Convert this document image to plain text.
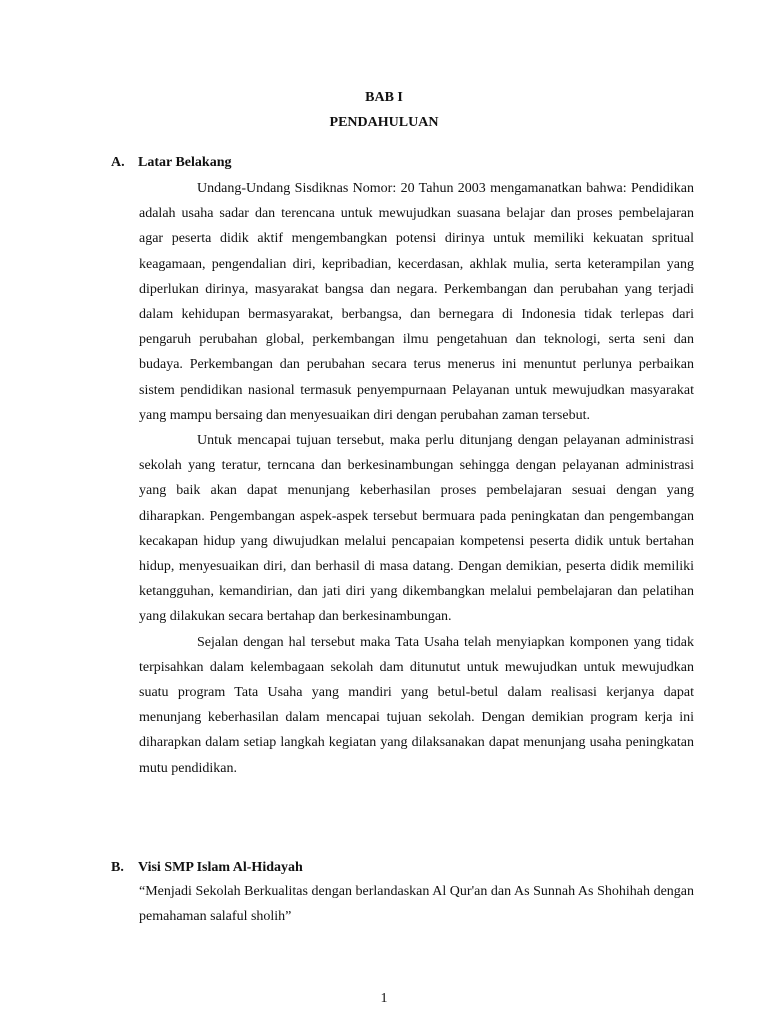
BAB I
PENDAHULUAN
A. Latar Belakang

Undang-Undang Sisdiknas Nomor: 20 Tahun 2003 mengamanatkan bahwa: Pendidikan adalah usaha sadar dan terencana untuk mewujudkan suasana belajar dan proses pembelajaran agar peserta didik aktif mengembangkan potensi dirinya untuk memiliki kekuatan spritual keagamaan, pengendalian diri, kepribadian, kecerdasan, akhlak mulia, serta keterampilan yang diperlukan dirinya, masyarakat bangsa dan negara. Perkembangan dan perubahan yang terjadi dalam kehidupan bermasyarakat, berbangsa, dan bernegara di Indonesia tidak terlepas dari pengaruh perubahan global, perkembangan ilmu pengetahuan dan teknologi, serta seni dan budaya. Perkembangan dan perubahan secara terus menerus ini menuntut perlunya perbaikan sistem pendidikan nasional termasuk penyempurnaan Pelayanan untuk mewujudkan masyarakat yang mampu bersaing dan menyesuaikan diri dengan perubahan zaman tersebut.

Untuk mencapai tujuan tersebut, maka perlu ditunjang dengan pelayanan administrasi sekolah yang teratur, terncana dan berkesinambungan sehingga dengan pelayanan administrasi yang baik akan dapat menunjang keberhasilan proses pembelajaran sesuai dengan yang diharapkan. Pengembangan aspek-aspek tersebut bermuara pada peningkatan dan pengembangan kecakapan hidup yang diwujudkan melalui pencapaian kompetensi peserta didik untuk bertahan hidup, menyesuaikan diri, dan berhasil di masa datang. Dengan demikian, peserta didik memiliki ketangguhan, kemandirian, dan jati diri yang dikembangkan melalui pembelajaran dan pelatihan yang dilakukan secara bertahap dan berkesinambungan.

Sejalan dengan hal tersebut maka Tata Usaha telah menyiapkan komponen yang tidak terpisahkan dalam kelembagaan sekolah dam ditunutut untuk mewujudkan untuk mewujudkan suatu program Tata Usaha yang mandiri yang betul-betul dalam realisasi kerjanya dapat menunjang keberhasilan dalam mencapai tujuan sekolah. Dengan demikian program kerja ini diharapkan dalam setiap langkah kegiatan yang dilaksanakan dapat menunjang usaha peningkatan mutu pendidikan.

B. Visi SMP Islam Al-Hidayah

“Menjadi Sekolah Berkualitas dengan berlandaskan Al Qur'an dan As Sunnah As Shohihah dengan pemahaman salaful sholih”

1
